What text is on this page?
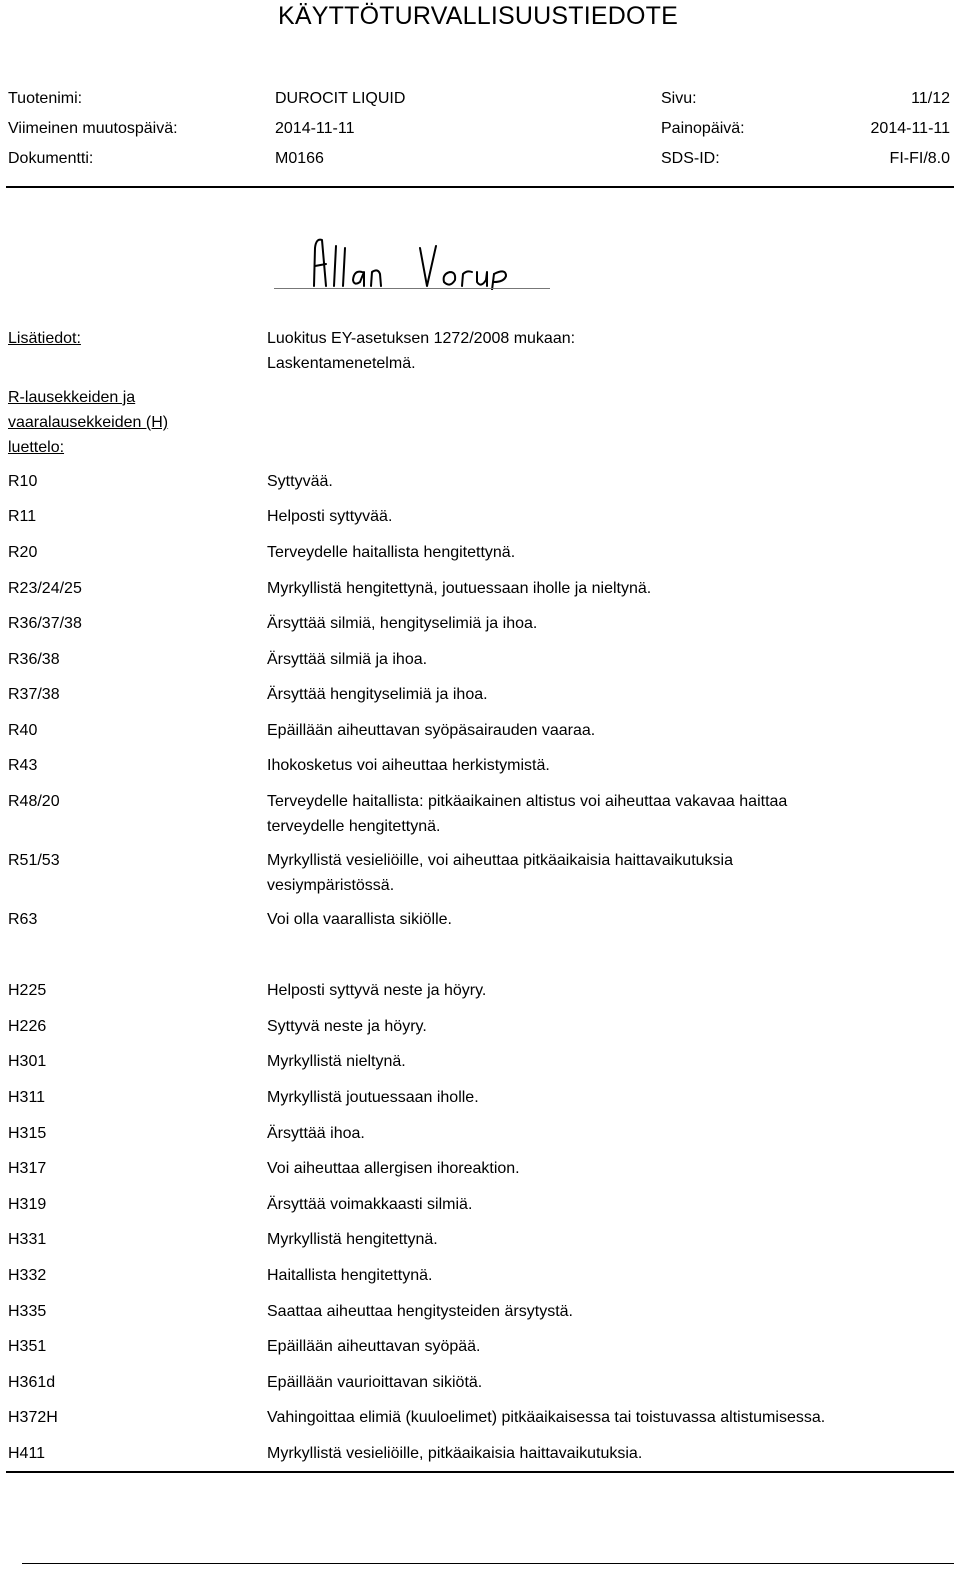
KÄYTTÖTURVALLISUUSTIEDOTE
Tuotenimi:	DUROCIT LIQUID	Sivu:	11/12
Viimeinen muutospäivä:	2014-11-11	Painopäivä:	2014-11-11
Dokumentti:	M0166	SDS-ID:	FI-FI/8.0
Lisätiedot:	Luokitus EY-asetuksen 1272/2008 mukaan:
Laskentamenetelmä.
R-lausekkeiden ja
vaaralausekkeiden (H)
luettelo:
R10	Syttyvää.
R11	Helposti syttyvää.
R20	Terveydelle haitallista hengitettynä.
R23/24/25	Myrkyllistä hengitettynä, joutuessaan iholle ja nieltynä.
R36/37/38	Ärsyttää silmiä, hengityselimiä ja ihoa.
R36/38	Ärsyttää silmiä ja ihoa.
R37/38	Ärsyttää hengityselimiä ja ihoa.
R40	Epäillään aiheuttavan syöpäsairauden vaaraa.
R43	Ihokosketus voi aiheuttaa herkistymistä.
R48/20	Terveydelle haitallista: pitkäaikainen altistus voi aiheuttaa vakavaa haittaa
terveydelle hengitettynä.
R51/53	Myrkyllistä vesieliöille, voi aiheuttaa pitkäaikaisia haittavaikutuksia
vesiympäristössä.
R63	Voi olla vaarallista sikiölle.
H225	Helposti syttyvä neste ja höyry.
H226	Syttyvä neste ja höyry.
H301	Myrkyllistä nieltynä.
H311	Myrkyllistä joutuessaan iholle.
H315	Ärsyttää ihoa.
H317	Voi aiheuttaa allergisen ihoreaktion.
H319	Ärsyttää voimakkaasti silmiä.
H331	Myrkyllistä hengitettynä.
H332	Haitallista hengitettynä.
H335	Saattaa aiheuttaa hengitysteiden ärsytystä.
H351	Epäillään aiheuttavan syöpää.
H361d	Epäillään vaurioittavan sikiötä.
H372H	Vahingoittaa elimiä (kuuloelimet) pitkäaikaisessa tai toistuvassa altistumisessa.
H411	Myrkyllistä vesieliöille, pitkäaikaisia haittavaikutuksia.
